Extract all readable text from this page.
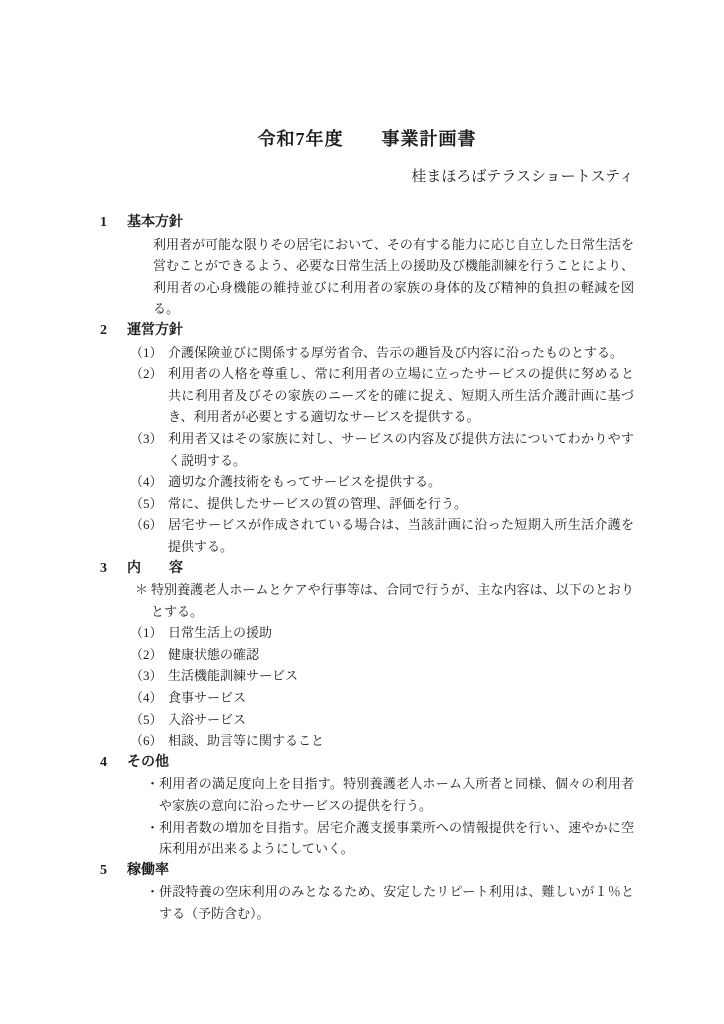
令和7年度　　事業計画書
桂まほろばテラスショートスティ
1	基本方針
利用者が可能な限りその居宅において、その有する能力に応じ自立した日常生活を営むことができるよう、必要な日常生活上の援助及び機能訓練を行うことにより、利用者の心身機能の維持並びに利用者の家族の身体的及び精神的負担の軽減を図る。
2	運営方針
（1） 介護保険並びに関係する厚労省令、告示の趣旨及び内容に沿ったものとする。
（2） 利用者の人格を尊重し、常に利用者の立場に立ったサービスの提供に努めると共に利用者及びその家族のニーズを的確に捉え、短期入所生活介護計画に基づき、利用者が必要とする適切なサービスを提供する。
（3） 利用者又はその家族に対し、サービスの内容及び提供方法についてわかりやすく説明する。
（4） 適切な介護技術をもってサービスを提供する。
（5） 常に、提供したサービスの質の管理、評価を行う。
（6） 居宅サービスが作成されている場合は、当該計画に沿った短期入所生活介護を提供する。
3	内　　容
＊ 特別養護老人ホームとケアや行事等は、合同で行うが、主な内容は、以下のとおりとする。
（1） 日常生活上の援助
（2） 健康状態の確認
（3） 生活機能訓練サービス
（4） 食事サービス
（5） 入浴サービス
（6） 相談、助言等に関すること
4	その他
・ 利用者の満足度向上を目指す。特別養護老人ホーム入所者と同様、個々の利用者や家族の意向に沿ったサービスの提供を行う。
・ 利用者数の増加を目指す。居宅介護支援事業所への情報提供を行い、速やかに空床利用が出来るようにしていく。
5	稼働率
・ 併設特養の空床利用のみとなるため、安定したリピート利用は、難しいが１％とする（予防含む）。
